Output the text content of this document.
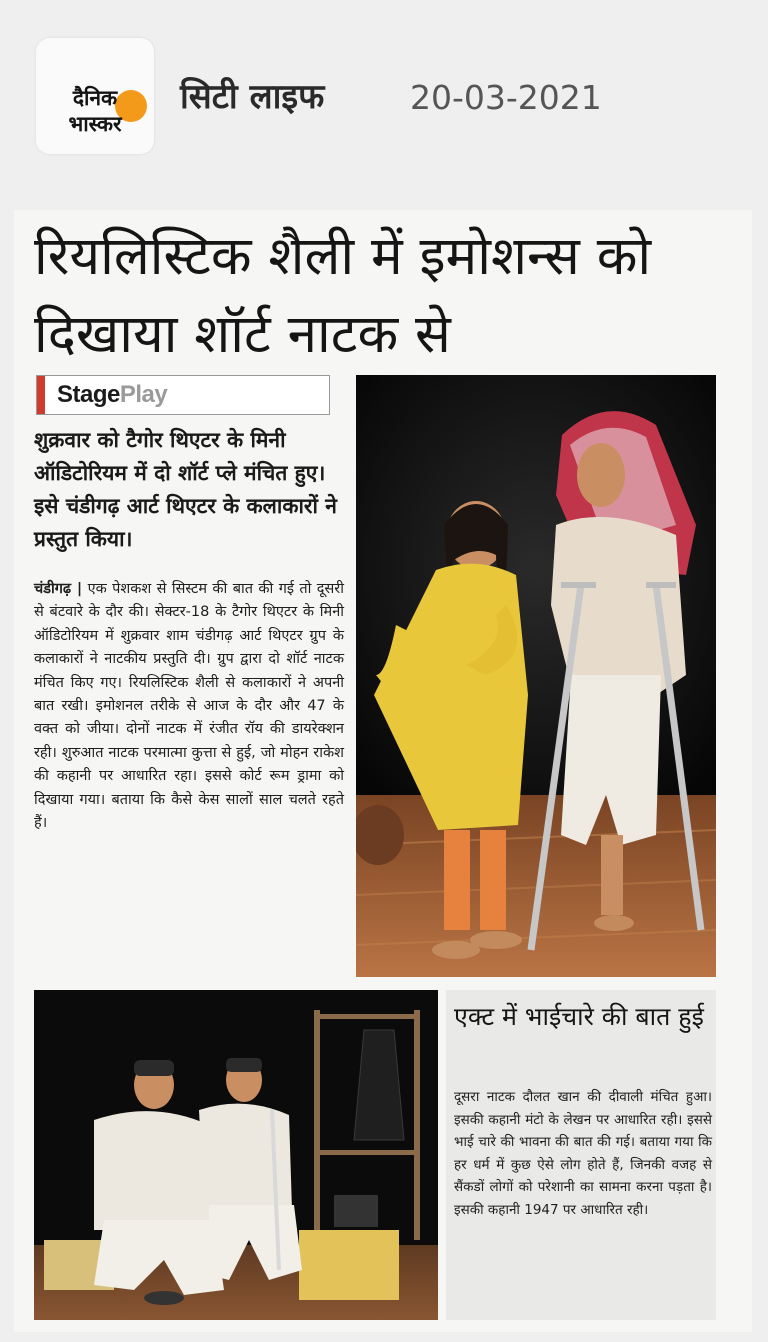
दैनिक
भास्कर
सिटी लाइफ	20-03-2021
रियलिस्टिक शैली में इमोशन्स को दिखाया शॉर्ट नाटक से
StagePlay
शुक्रवार को टैगोर थिएटर के मिनी ऑडिटोरियम में दो शॉर्ट प्ले मंचित हुए। इसे चंडीगढ़ आर्ट थिएटर के कलाकारों ने प्रस्तुत किया।
चंडीगढ़ | एक पेशकश से सिस्टम की बात की गई तो दूसरी से बंटवारे के दौर की। सेक्टर-18 के टैगोर थिएटर के मिनी ऑडिटोरियम में शुक्रवार शाम चंडीगढ़ आर्ट थिएटर ग्रुप के कलाकारों ने नाटकीय प्रस्तुति दी। ग्रुप द्वारा दो शॉर्ट नाटक मंचित किए गए। रियलिस्टिक शैली से कलाकारों ने अपनी बात रखी। इमोशनल तरीके से आज के दौर और 47 के वक्त को जीया। दोनों नाटक में रंजीत रॉय की डायरेक्शन रही। शुरुआत नाटक परमात्मा कुत्ता से हुई, जो मोहन राकेश की कहानी पर आधारित रहा। इससे कोर्ट रूम ड्रामा को दिखाया गया। बताया कि कैसे केस सालों साल चलते रहते हैं।
एक्ट में भाईचारे की बात हुई
दूसरा नाटक दौलत खान की दीवाली मंचित हुआ। इसकी कहानी मंटो के लेखन पर आधारित रही। इससे भाई चारे की भावना की बात की गई। बताया गया कि हर धर्म में कुछ ऐसे लोग होते हैं, जिनकी वजह से सैंकडों लोगों को परेशानी का सामना करना पड़ता है। इसकी कहानी 1947 पर आधारित रही।
